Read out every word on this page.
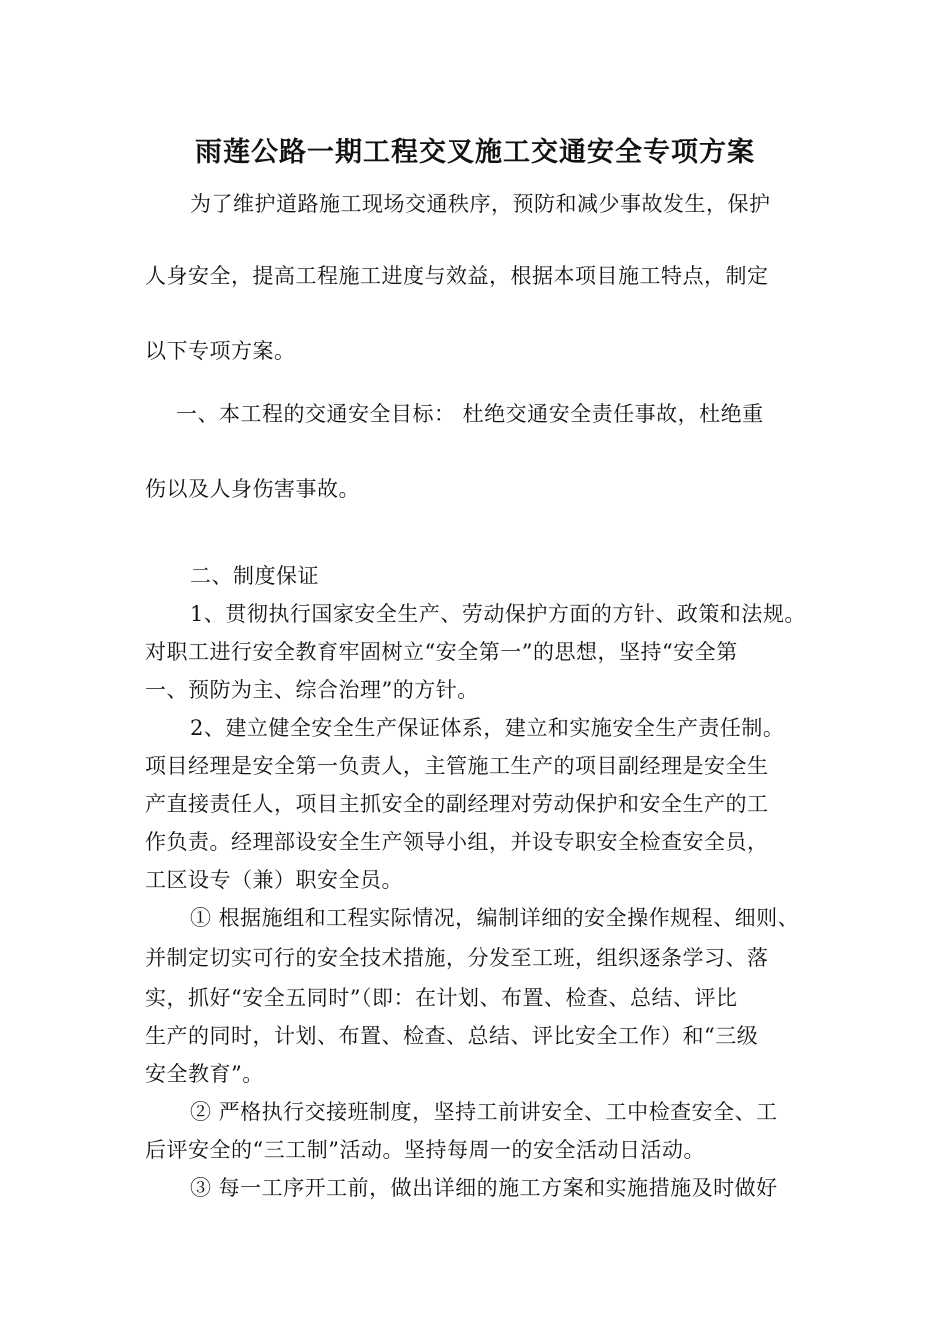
雨莲公路一期工程交叉施工交通安全专项方案
为了维护道路施工现场交通秩序，预防和减少事故发生，保护
人身安全，提高工程施工进度与效益，根据本项目施工特点，制定
以下专项方案。
一、本工程的交通安全目标： 杜绝交通安全责任事故，杜绝重
伤以及人身伤害事故。
二、制度保证
1、贯彻执行国家安全生产、劳动保护方面的方针、政策和法规。
对职工进行安全教育牢固树立“安全第一”的思想，坚持“安全第
一、预防为主、综合治理”的方针。
2、建立健全安全生产保证体系，建立和实施安全生产责任制。
项目经理是安全第一负责人，主管施工生产的项目副经理是安全生
产直接责任人，项目主抓安全的副经理对劳动保护和安全生产的工
作负责。经理部设安全生产领导小组，并设专职安全检查安全员，
工区设专（兼）职安全员。
① 根据施组和工程实际情况，编制详细的安全操作规程、细则、
并制定切实可行的安全技术措施，分发至工班，组织逐条学习、落
实，抓好“安全五同时”（即：在计划、布置、检查、总结、评比
生产的同时，计划、布置、检查、总结、评比安全工作）和“三级
安全教育”。
② 严格执行交接班制度，坚持工前讲安全、工中检查安全、工
后评安全的“三工制”活动。坚持每周一的安全活动日活动。
③ 每一工序开工前，做出详细的施工方案和实施措施及时做好
